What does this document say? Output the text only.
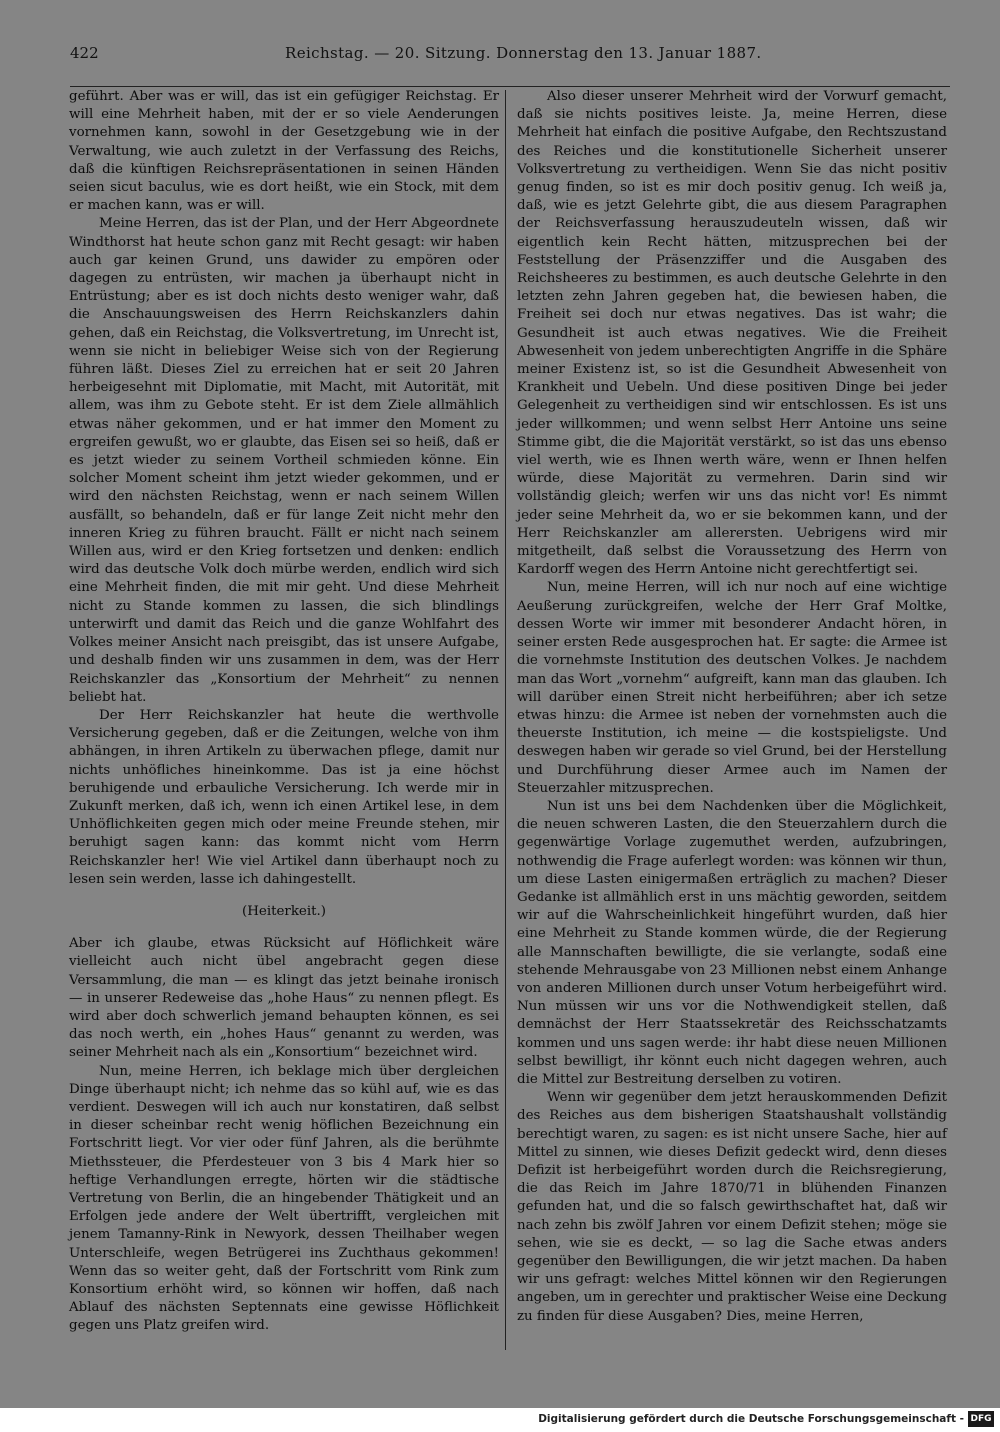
422	Reichstag. — 20. Sitzung. Donnerstag den 13. Januar 1887.

geführt. Aber was er will, das ist ein gefügiger Reichstag. Er will eine Mehrheit haben, mit der er so viele Aenderungen vornehmen kann, sowohl in der Gesetzgebung wie in der Verwaltung, wie auch zuletzt in der Verfassung des Reichs, daß die künftigen Reichsrepräsentationen in seinen Händen seien sicut baculus, wie es dort heißt, wie ein Stock, mit dem er machen kann, was er will.

Meine Herren, das ist der Plan, und der Herr Abgeordnete Windthorst hat heute schon ganz mit Recht gesagt: wir haben auch gar keinen Grund, uns dawider zu empören oder dagegen zu entrüsten, wir machen ja überhaupt nicht in Entrüstung; aber es ist doch nichts desto weniger wahr, daß die Anschauungsweisen des Herrn Reichskanzlers dahin gehen, daß ein Reichstag, die Volksvertretung, im Unrecht ist, wenn sie nicht in beliebiger Weise sich von der Regierung führen läßt. Dieses Ziel zu erreichen hat er seit 20 Jahren herbeigesehnt mit Diplomatie, mit Macht, mit Autorität, mit allem, was ihm zu Gebote steht. Er ist dem Ziele allmählich etwas näher gekommen, und er hat immer den Moment zu ergreifen gewußt, wo er glaubte, das Eisen sei so heiß, daß er es jetzt wieder zu seinem Vortheil schmieden könne. Ein solcher Moment scheint ihm jetzt wieder gekommen, und er wird den nächsten Reichstag, wenn er nach seinem Willen ausfällt, so behandeln, daß er für lange Zeit nicht mehr den inneren Krieg zu führen braucht. Fällt er nicht nach seinem Willen aus, wird er den Krieg fortsetzen und denken: endlich wird das deutsche Volk doch mürbe werden, endlich wird sich eine Mehrheit finden, die mit mir geht. Und diese Mehrheit nicht zu Stande kommen zu lassen, die sich blindlings unterwirft und damit das Reich und die ganze Wohlfahrt des Volkes meiner Ansicht nach preisgibt, das ist unsere Aufgabe, und deshalb finden wir uns zusammen in dem, was der Herr Reichskanzler das „Konsortium der Mehrheit“ zu nennen beliebt hat.

Der Herr Reichskanzler hat heute die werthvolle Versicherung gegeben, daß er die Zeitungen, welche von ihm abhängen, in ihren Artikeln zu überwachen pflege, damit nur nichts unhöfliches hineinkomme. Das ist ja eine höchst beruhigende und erbauliche Versicherung. Ich werde mir in Zukunft merken, daß ich, wenn ich einen Artikel lese, in dem Unhöflichkeiten gegen mich oder meine Freunde stehen, mir beruhigt sagen kann: das kommt nicht vom Herrn Reichskanzler her! Wie viel Artikel dann überhaupt noch zu lesen sein werden, lasse ich dahingestellt.

(Heiterkeit.)

Aber ich glaube, etwas Rücksicht auf Höflichkeit wäre vielleicht auch nicht übel angebracht gegen diese Versammlung, die man — es klingt das jetzt beinahe ironisch — in unserer Redeweise das „hohe Haus“ zu nennen pflegt. Es wird aber doch schwerlich jemand behaupten können, es sei das noch werth, ein „hohes Haus“ genannt zu werden, was seiner Mehrheit nach als ein „Konsortium“ bezeichnet wird.

Nun, meine Herren, ich beklage mich über dergleichen Dinge überhaupt nicht; ich nehme das so kühl auf, wie es das verdient. Deswegen will ich auch nur konstatiren, daß selbst in dieser scheinbar recht wenig höflichen Bezeichnung ein Fortschritt liegt. Vor vier oder fünf Jahren, als die berühmte Miethssteuer, die Pferdesteuer von 3 bis 4 Mark hier so heftige Verhandlungen erregte, hörten wir die städtische Vertretung von Berlin, die an hingebender Thätigkeit und an Erfolgen jede andere der Welt übertrifft, vergleichen mit jenem Tamanny-Rink in Newyork, dessen Theilhaber wegen Unterschleife, wegen Betrügerei ins Zuchthaus gekommen! Wenn das so weiter geht, daß der Fortschritt vom Rink zum Konsortium erhöht wird, so können wir hoffen, daß nach Ablauf des nächsten Septennats eine gewisse Höflichkeit gegen uns Platz greifen wird.

Also dieser unserer Mehrheit wird der Vorwurf gemacht, daß sie nichts positives leiste. Ja, meine Herren, diese Mehrheit hat einfach die positive Aufgabe, den Rechtszustand des Reiches und die konstitutionelle Sicherheit unserer Volksvertretung zu vertheidigen. Wenn Sie das nicht positiv genug finden, so ist es mir doch positiv genug. Ich weiß ja, daß, wie es jetzt Gelehrte gibt, die aus diesem Paragraphen der Reichsverfassung herauszudeuteln wissen, daß wir eigentlich kein Recht hätten, mitzusprechen bei der Feststellung der Präsenzziffer und die Ausgaben des Reichsheeres zu bestimmen, es auch deutsche Gelehrte in den letzten zehn Jahren gegeben hat, die bewiesen haben, die Freiheit sei doch nur etwas negatives. Das ist wahr; die Gesundheit ist auch etwas negatives. Wie die Freiheit Abwesenheit von jedem unberechtigten Angriffe in die Sphäre meiner Existenz ist, so ist die Gesundheit Abwesenheit von Krankheit und Uebeln. Und diese positiven Dinge bei jeder Gelegenheit zu vertheidigen sind wir entschlossen. Es ist uns jeder willkommen; und wenn selbst Herr Antoine uns seine Stimme gibt, die die Majorität verstärkt, so ist das uns ebenso viel werth, wie es Ihnen werth wäre, wenn er Ihnen helfen würde, diese Majorität zu vermehren. Darin sind wir vollständig gleich; werfen wir uns das nicht vor! Es nimmt jeder seine Mehrheit da, wo er sie bekommen kann, und der Herr Reichskanzler am allerersten. Uebrigens wird mir mitgetheilt, daß selbst die Voraussetzung des Herrn von Kardorff wegen des Herrn Antoine nicht gerechtfertigt sei.

Nun, meine Herren, will ich nur noch auf eine wichtige Aeußerung zurückgreifen, welche der Herr Graf Moltke, dessen Worte wir immer mit besonderer Andacht hören, in seiner ersten Rede ausgesprochen hat. Er sagte: die Armee ist die vornehmste Institution des deutschen Volkes. Je nachdem man das Wort „vornehm“ aufgreift, kann man das glauben. Ich will darüber einen Streit nicht herbeiführen; aber ich setze etwas hinzu: die Armee ist neben der vornehmsten auch die theuerste Institution, ich meine — die kostspieligste. Und deswegen haben wir gerade so viel Grund, bei der Herstellung und Durchführung dieser Armee auch im Namen der Steuerzahler mitzusprechen.

Nun ist uns bei dem Nachdenken über die Möglichkeit, die neuen schweren Lasten, die den Steuerzahlern durch die gegenwärtige Vorlage zugemuthet werden, aufzubringen, nothwendig die Frage auferlegt worden: was können wir thun, um diese Lasten einigermaßen erträglich zu machen? Dieser Gedanke ist allmählich erst in uns mächtig geworden, seitdem wir auf die Wahrscheinlichkeit hingeführt wurden, daß hier eine Mehrheit zu Stande kommen würde, die der Regierung alle Mannschaften bewilligte, die sie verlangte, sodaß eine stehende Mehrausgabe von 23 Millionen nebst einem Anhange von anderen Millionen durch unser Votum herbeigeführt wird. Nun müssen wir uns vor die Nothwendigkeit stellen, daß demnächst der Herr Staatssekretär des Reichsschatzamts kommen und uns sagen werde: ihr habt diese neuen Millionen selbst bewilligt, ihr könnt euch nicht dagegen wehren, auch die Mittel zur Bestreitung derselben zu votiren.

Wenn wir gegenüber dem jetzt herauskommenden Defizit des Reiches aus dem bisherigen Staatshaushalt vollständig berechtigt waren, zu sagen: es ist nicht unsere Sache, hier auf Mittel zu sinnen, wie dieses Defizit gedeckt wird, denn dieses Defizit ist herbeigeführt worden durch die Reichsregierung, die das Reich im Jahre 1870/71 in blühenden Finanzen gefunden hat, und die so falsch gewirthschaftet hat, daß wir nach zehn bis zwölf Jahren vor einem Defizit stehen; möge sie sehen, wie sie es deckt, — so lag die Sache etwas anders gegenüber den Bewilligungen, die wir jetzt machen. Da haben wir uns gefragt: welches Mittel können wir den Regierungen angeben, um in gerechter und praktischer Weise eine Deckung zu finden für diese Ausgaben? Dies, meine Herren,

Digitalisierung gefördert durch die Deutsche Forschungsgemeinschaft - DFG
